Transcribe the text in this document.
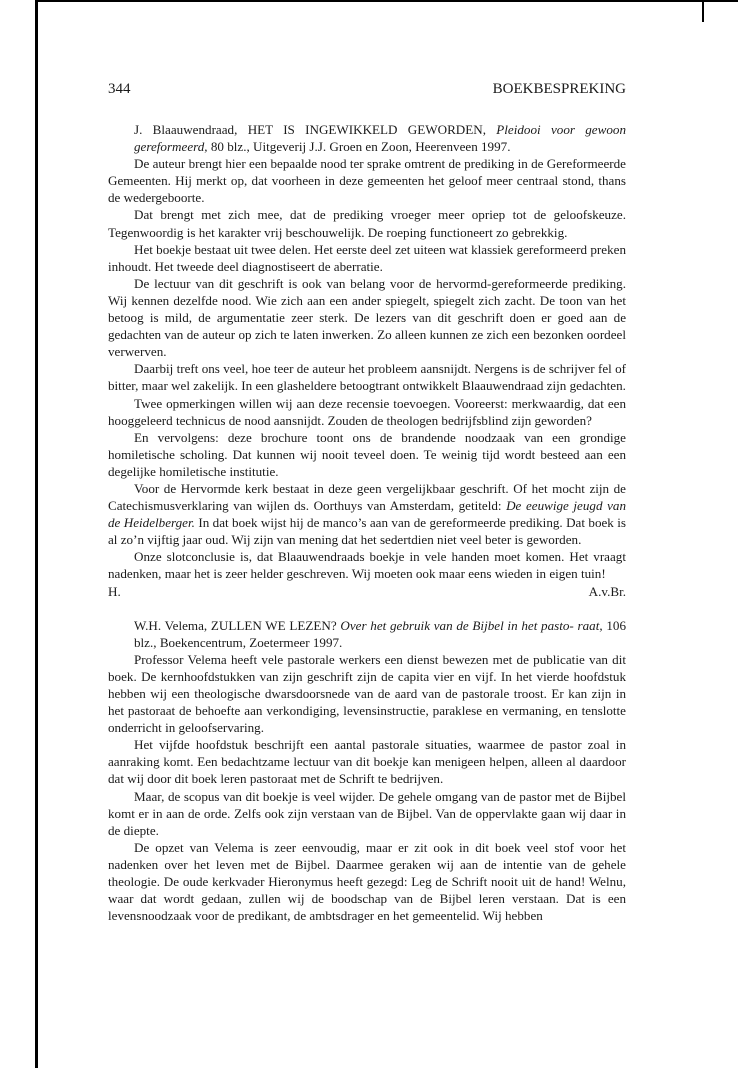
344	BOEKBESPREKING

J. Blaauwendraad, HET IS INGEWIKKELD GEWORDEN, Pleidooi voor gewoon gereformeerd, 80 blz., Uitgeverij J.J. Groen en Zoon, Heerenveen 1997.

De auteur brengt hier een bepaalde nood ter sprake omtrent de prediking in de Gereformeerde Gemeenten. Hij merkt op, dat voorheen in deze gemeenten het geloof meer centraal stond, thans de wedergeboorte.

Dat brengt met zich mee, dat de prediking vroeger meer opriep tot de geloofskeuze. Tegenwoordig is het karakter vrij beschouwelijk. De roeping functioneert zo gebrekkig.

Het boekje bestaat uit twee delen. Het eerste deel zet uiteen wat klassiek gereformeerd preken inhoudt. Het tweede deel diagnostiseert de aberratie.

De lectuur van dit geschrift is ook van belang voor de hervormd-gereformeerde prediking. Wij kennen dezelfde nood. Wie zich aan een ander spiegelt, spiegelt zich zacht. De toon van het betoog is mild, de argumentatie zeer sterk. De lezers van dit geschrift doen er goed aan de gedachten van de auteur op zich te laten inwerken. Zo alleen kunnen ze zich een bezonken oordeel verwerven.

Daarbij treft ons veel, hoe teer de auteur het probleem aansnijdt. Nergens is de schrijver fel of bitter, maar wel zakelijk. In een glasheldere betoogtrant ontwikkelt Blaauwendraad zijn gedachten.

Twee opmerkingen willen wij aan deze recensie toevoegen. Vooreerst: merkwaardig, dat een hooggeleerd technicus de nood aansnijdt. Zouden de theologen bedrijfsblind zijn geworden?

En vervolgens: deze brochure toont ons de brandende noodzaak van een grondige homiletische scholing. Dat kunnen wij nooit teveel doen. Te weinig tijd wordt besteed aan een degelijke homiletische institutie.

Voor de Hervormde kerk bestaat in deze geen vergelijkbaar geschrift. Of het mocht zijn de Catechismusverklaring van wijlen ds. Oorthuys van Amsterdam, getiteld: De eeuwige jeugd van de Heidelberger. In dat boek wijst hij de manco’s aan van de gereformeerde prediking. Dat boek is al zo’n vijftig jaar oud. Wij zijn van mening dat het sedertdien niet veel beter is geworden.

Onze slotconclusie is, dat Blaauwendraads boekje in vele handen moet komen. Het vraagt nadenken, maar het is zeer helder geschreven. Wij moeten ook maar eens wieden in eigen tuin!

H.	A.v.Br.

W.H. Velema, ZULLEN WE LEZEN? Over het gebruik van de Bijbel in het pasto- raat, 106 blz., Boekencentrum, Zoetermeer 1997.

Professor Velema heeft vele pastorale werkers een dienst bewezen met de publicatie van dit boek. De kernhoofdstukken van zijn geschrift zijn de capita vier en vijf. In het vierde hoofdstuk hebben wij een theologische dwarsdoorsnede van de aard van de pastorale troost. Er kan zijn in het pastoraat de behoefte aan verkondiging, levensinstructie, paraklese en vermaning, en tenslotte onderricht in geloofservaring.

Het vijfde hoofdstuk beschrijft een aantal pastorale situaties, waarmee de pastor zoal in aanraking komt. Een bedachtzame lectuur van dit boekje kan menigeen helpen, alleen al daardoor dat wij door dit boek leren pastoraat met de Schrift te bedrijven.

Maar, de scopus van dit boekje is veel wijder. De gehele omgang van de pastor met de Bijbel komt er in aan de orde. Zelfs ook zijn verstaan van de Bijbel. Van de oppervlakte gaan wij daar in de diepte.

De opzet van Velema is zeer eenvoudig, maar er zit ook in dit boek veel stof voor het nadenken over het leven met de Bijbel. Daarmee geraken wij aan de intentie van de gehele theologie. De oude kerkvader Hieronymus heeft gezegd: Leg de Schrift nooit uit de hand! Welnu, waar dat wordt gedaan, zullen wij de boodschap van de Bijbel leren verstaan. Dat is een levensnoodzaak voor de predikant, de ambtsdrager en het gemeentelid. Wij hebben
